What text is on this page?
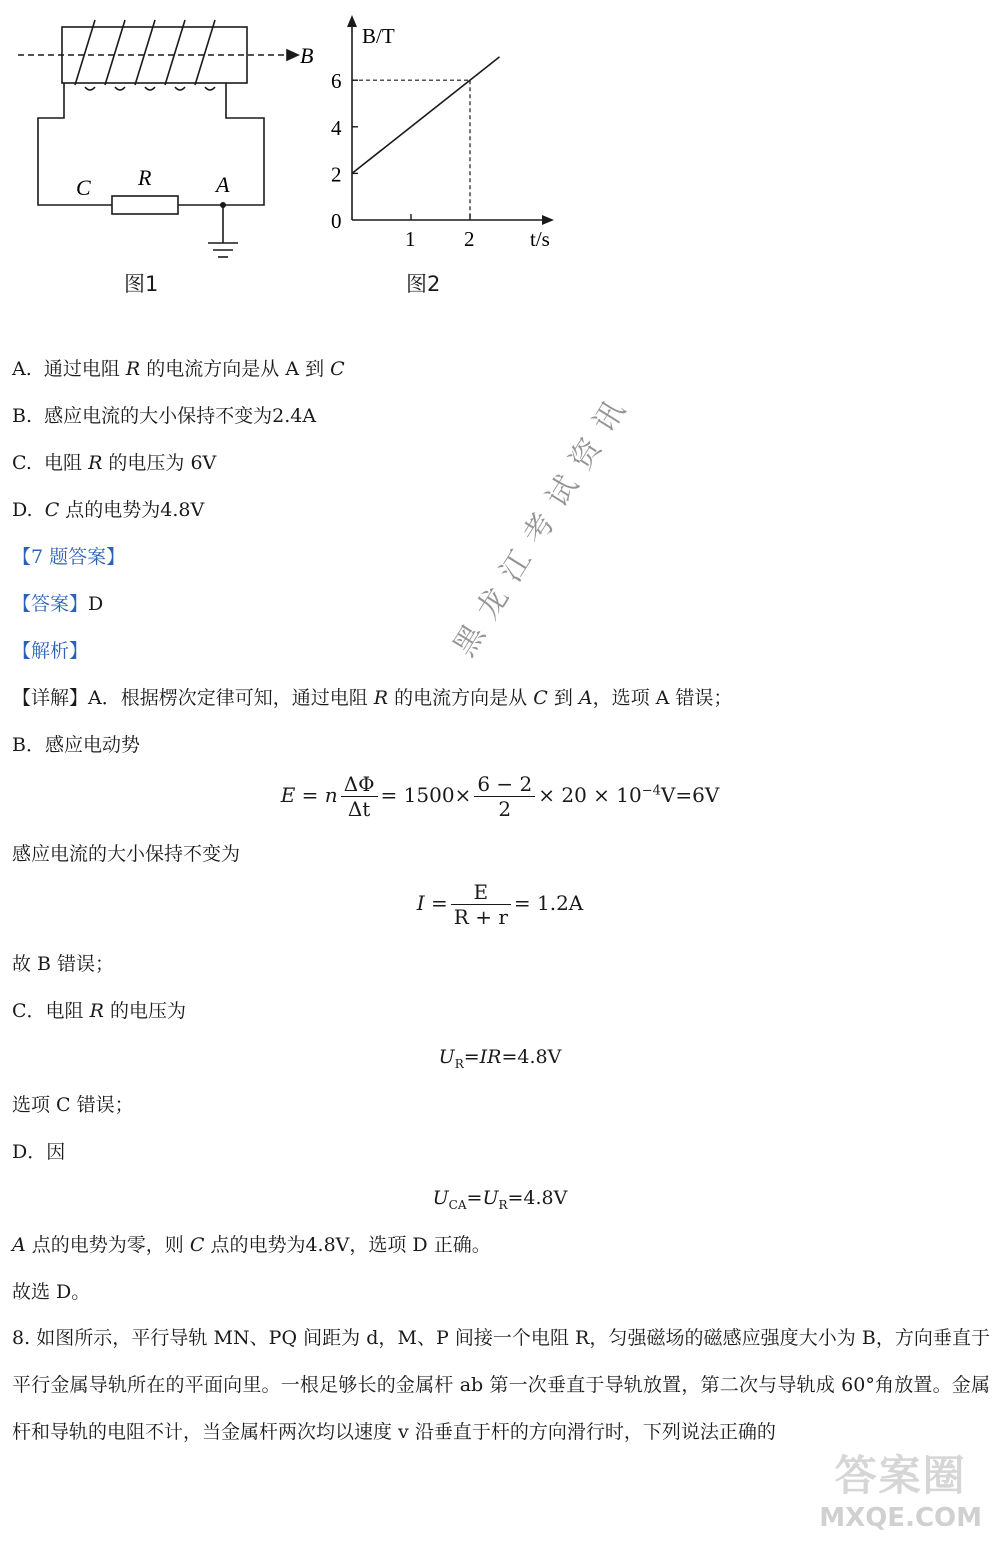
B
C R	A
图1
1 2
6
4
2
B/T
t/s
0
图2
A. 通过电阻 R 的电流方向是从 A 到 C
B. 感应电流的大小保持不变为2.4A
C. 电阻 R 的电压为 6V
D. C 点的电势为4.8V
【7 题答案】
【答案】D
【解析】
【详解】A．根据楞次定律可知，通过电阻 R 的电流方向是从 C 到 A，选项 A 错误；
B．感应电动势
E = n $\frac{\Delta\Phi}{\Delta t} = 1500\times \frac{6 - 2}{2} \times 20 \times 10^{-4}V=6V$
感应电流的大小保持不变为
$I = \frac{E}{R + r} = 1.2A$
故 B 错误；
C．电阻 R 的电压为
$U_R=IR=4.8V$
选项 C 错误；
D．因
$U_{CA}=U_R=4.8V$
A 点的电势为零，则 C 点的电势为4.8V，选项 D 正确。
故选 D。
8. 如图所示，平行导轨 MN、PQ 间距为 d，M、P 间接一个电阻 R，匀强磁场的磁感应强度大小为 B，方向垂直于平行金属导轨所在的平面向里。一根足够长的金属杆 ab 第一次垂直于导轨放置，第二次与导轨成 60°角放置。金属杆和导轨的电阻不计，当金属杆两次均以速度 v 沿垂直于杆的方向滑行时，下列说法正确的
黑龙江考试资讯
答案圈
MXQE.COM
